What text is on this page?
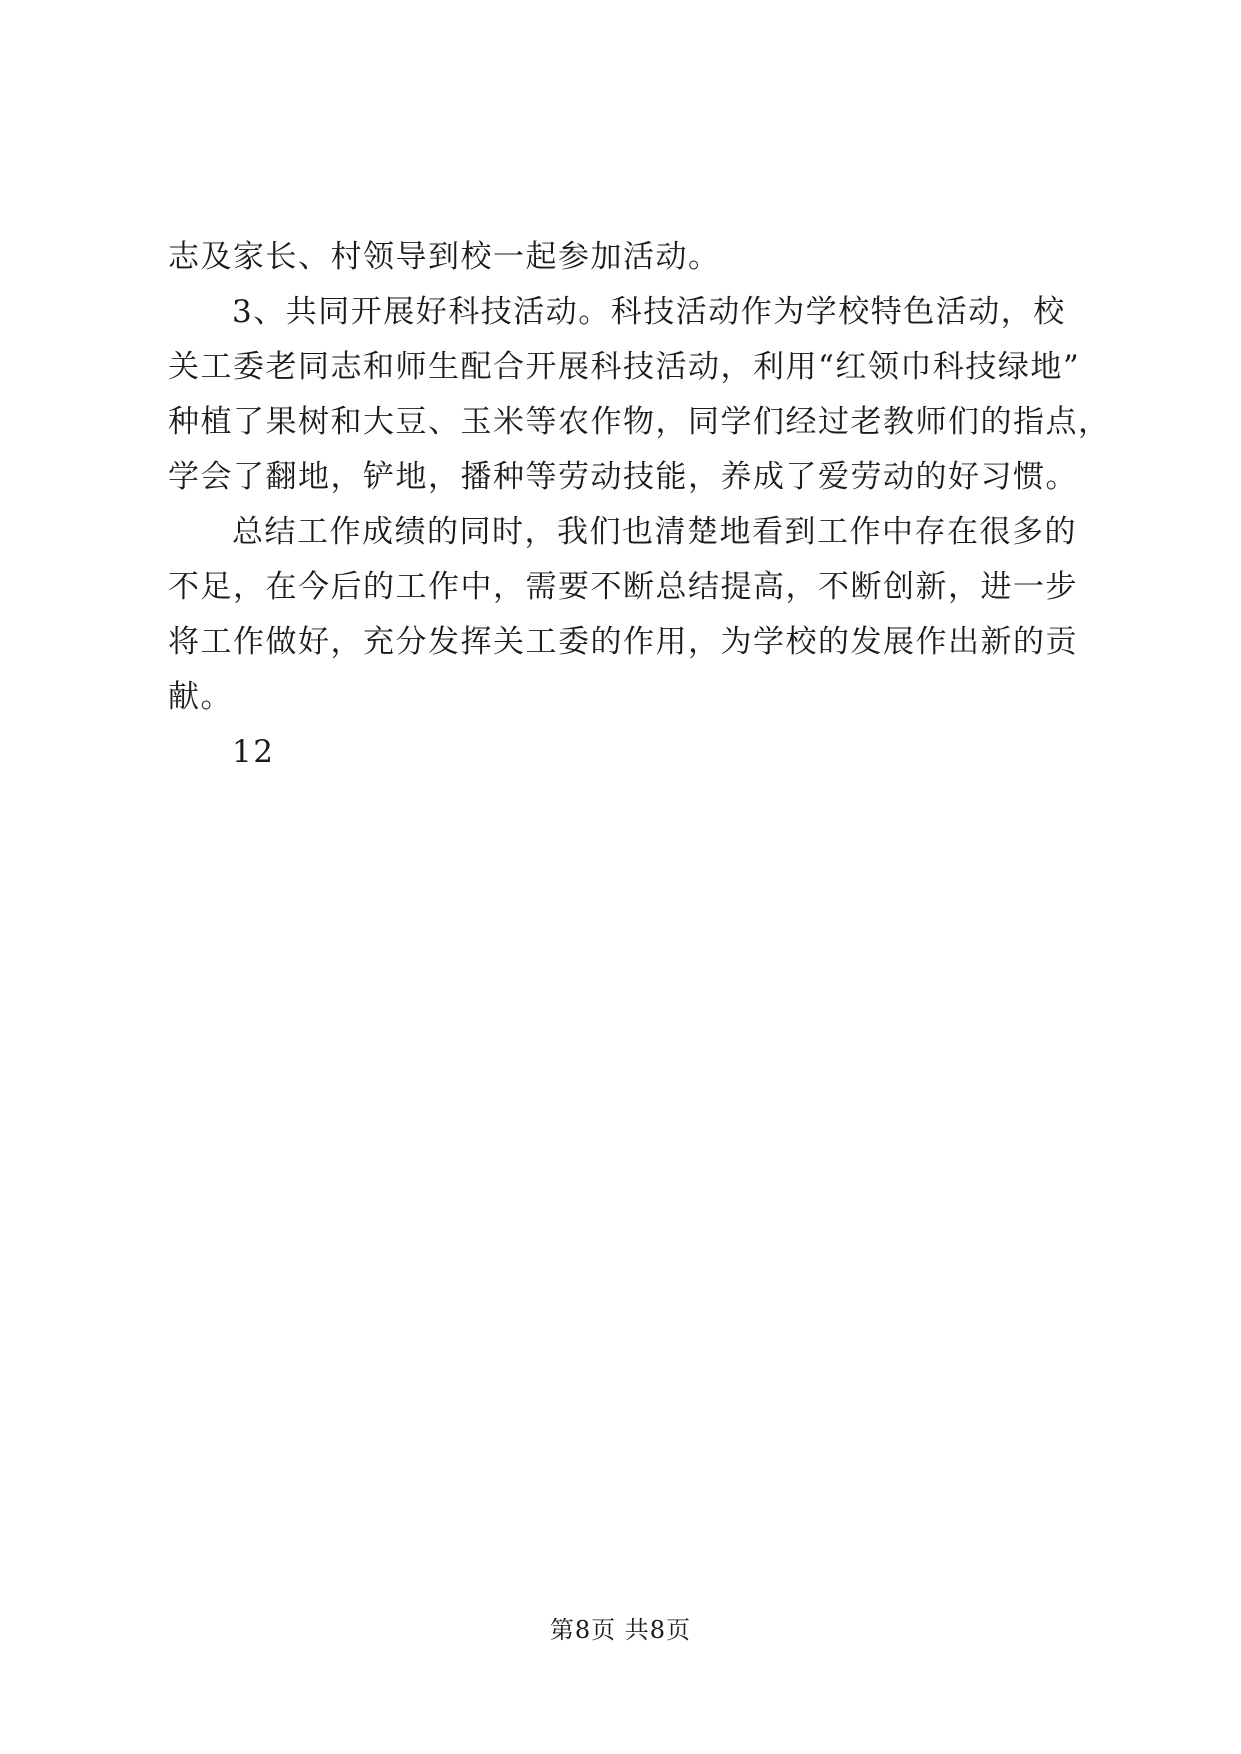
志及家长、村领导到校一起参加活动。
3、共同开展好科技活动。科技活动作为学校特色活动，校
关工委老同志和师生配合开展科技活动，利用“红领巾科技绿地”
种植了果树和大豆、玉米等农作物，同学们经过老教师们的指点，
学会了翻地，铲地，播种等劳动技能，养成了爱劳动的好习惯。
总结工作成绩的同时，我们也清楚地看到工作中存在很多的
不足，在今后的工作中，需要不断总结提高，不断创新，进一步
将工作做好，充分发挥关工委的作用，为学校的发展作出新的贡
献。
12
第8页 共8页
